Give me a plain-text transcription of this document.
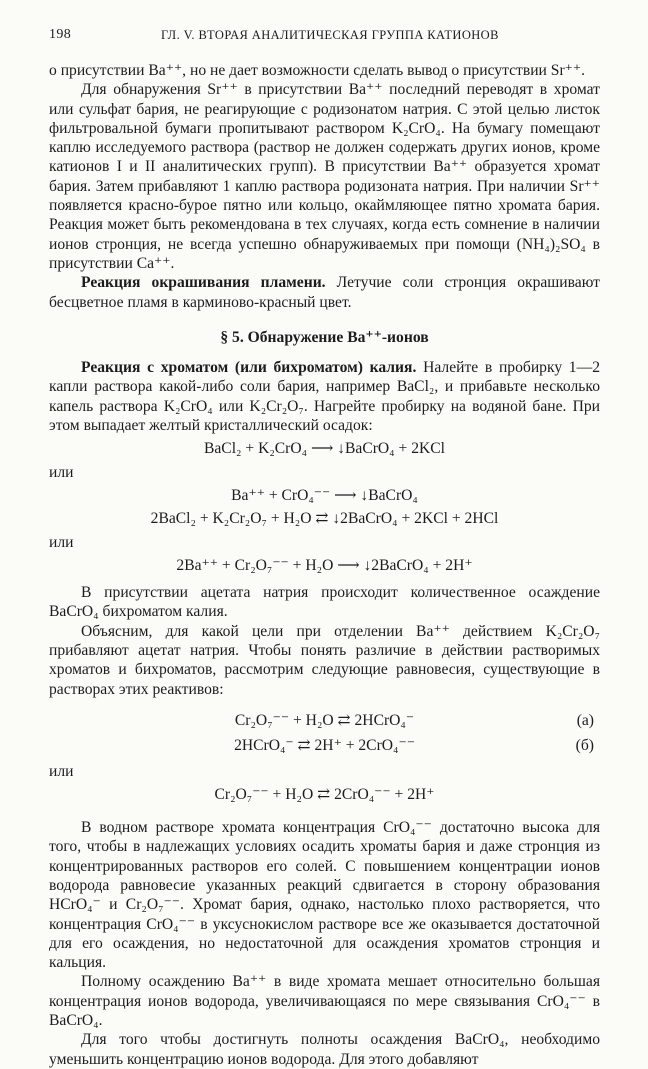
198	ГЛ. V. ВТОРАЯ АНАЛИТИЧЕСКАЯ ГРУППА КАТИОНОВ

о присутствии Ba⁺⁺, но не дает возможности сделать вывод о присутствии Sr⁺⁺.

Для обнаружения Sr⁺⁺ в присутствии Ba⁺⁺ последний переводят в хромат или сульфат бария, не реагирующие с родизонатом натрия. С этой целью листок фильтровальной бумаги пропитывают раствором K₂CrO₄. На бумагу помещают каплю исследуемого раствора (раствор не должен содержать других ионов, кроме катионов I и II аналитических групп). В присутствии Ba⁺⁺ образуется хромат бария. Затем прибавляют 1 каплю раствора родизоната натрия. При наличии Sr⁺⁺ появляется красно-бурое пятно или кольцо, окаймляющее пятно хромата бария. Реакция может быть рекомендована в тех случаях, когда есть сомнение в наличии ионов стронция, не всегда успешно обнаруживаемых при помощи (NH₄)₂SO₄ в присутствии Ca⁺⁺.

Реакция окрашивания пламени. Летучие соли стронция окрашивают бесцветное пламя в карминово-красный цвет.

§ 5. Обнаружение Ba⁺⁺-ионов

Реакция с хроматом (или бихроматом) калия. Налейте в пробирку 1—2 капли раствора какой-либо соли бария, например BaCl₂, и прибавьте несколько капель раствора K₂CrO₄ или K₂Cr₂O₇. Нагрейте пробирку на водяной бане. При этом выпадает желтый кристаллический осадок:

BaCl₂ + K₂CrO₄ ⟶ ↓BaCrO₄ + 2KCl
или
Ba⁺⁺ + CrO₄⁻⁻ ⟶ ↓BaCrO₄
2BaCl₂ + K₂Cr₂O₇ + H₂O ⇄ ↓2BaCrO₄ + 2KCl + 2HCl
или
2Ba⁺⁺ + Cr₂O₇⁻⁻ + H₂O ⟶ ↓2BaCrO₄ + 2H⁺

В присутствии ацетата натрия происходит количественное осаждение BaCrO₄ бихроматом калия.

Объясним, для какой цели при отделении Ba⁺⁺ действием K₂Cr₂O₇ прибавляют ацетат натрия. Чтобы понять различие в действии растворимых хроматов и бихроматов, рассмотрим следующие равновесия, существующие в растворах этих реактивов:

Cr₂O₇⁻⁻ + H₂O ⇄ 2HCrO₄⁻	(а)
2HCrO₄⁻ ⇄ 2H⁺ + 2CrO₄⁻⁻	(б)
или
Cr₂O₇⁻⁻ + H₂O ⇄ 2CrO₄⁻⁻ + 2H⁺

В водном растворе хромата концентрация CrO₄⁻⁻ достаточно высока для того, чтобы в надлежащих условиях осадить хроматы бария и даже стронция из концентрированных растворов его солей. С повышением концентрации ионов водорода равновесие указанных реакций сдвигается в сторону образования HCrO₄⁻ и Cr₂O₇⁻⁻. Хромат бария, однако, настолько плохо растворяется, что концентрация CrO₄⁻⁻ в уксуснокислом растворе все же оказывается достаточной для его осаждения, но недостаточной для осаждения хроматов стронция и кальция.

Полному осаждению Ba⁺⁺ в виде хромата мешает относительно большая концентрация ионов водорода, увеличивающаяся по мере связывания CrO₄⁻⁻ в BaCrO₄.

Для того чтобы достигнуть полноты осаждения BaCrO₄, необходимо уменьшить концентрацию ионов водорода. Для этого добавляют
